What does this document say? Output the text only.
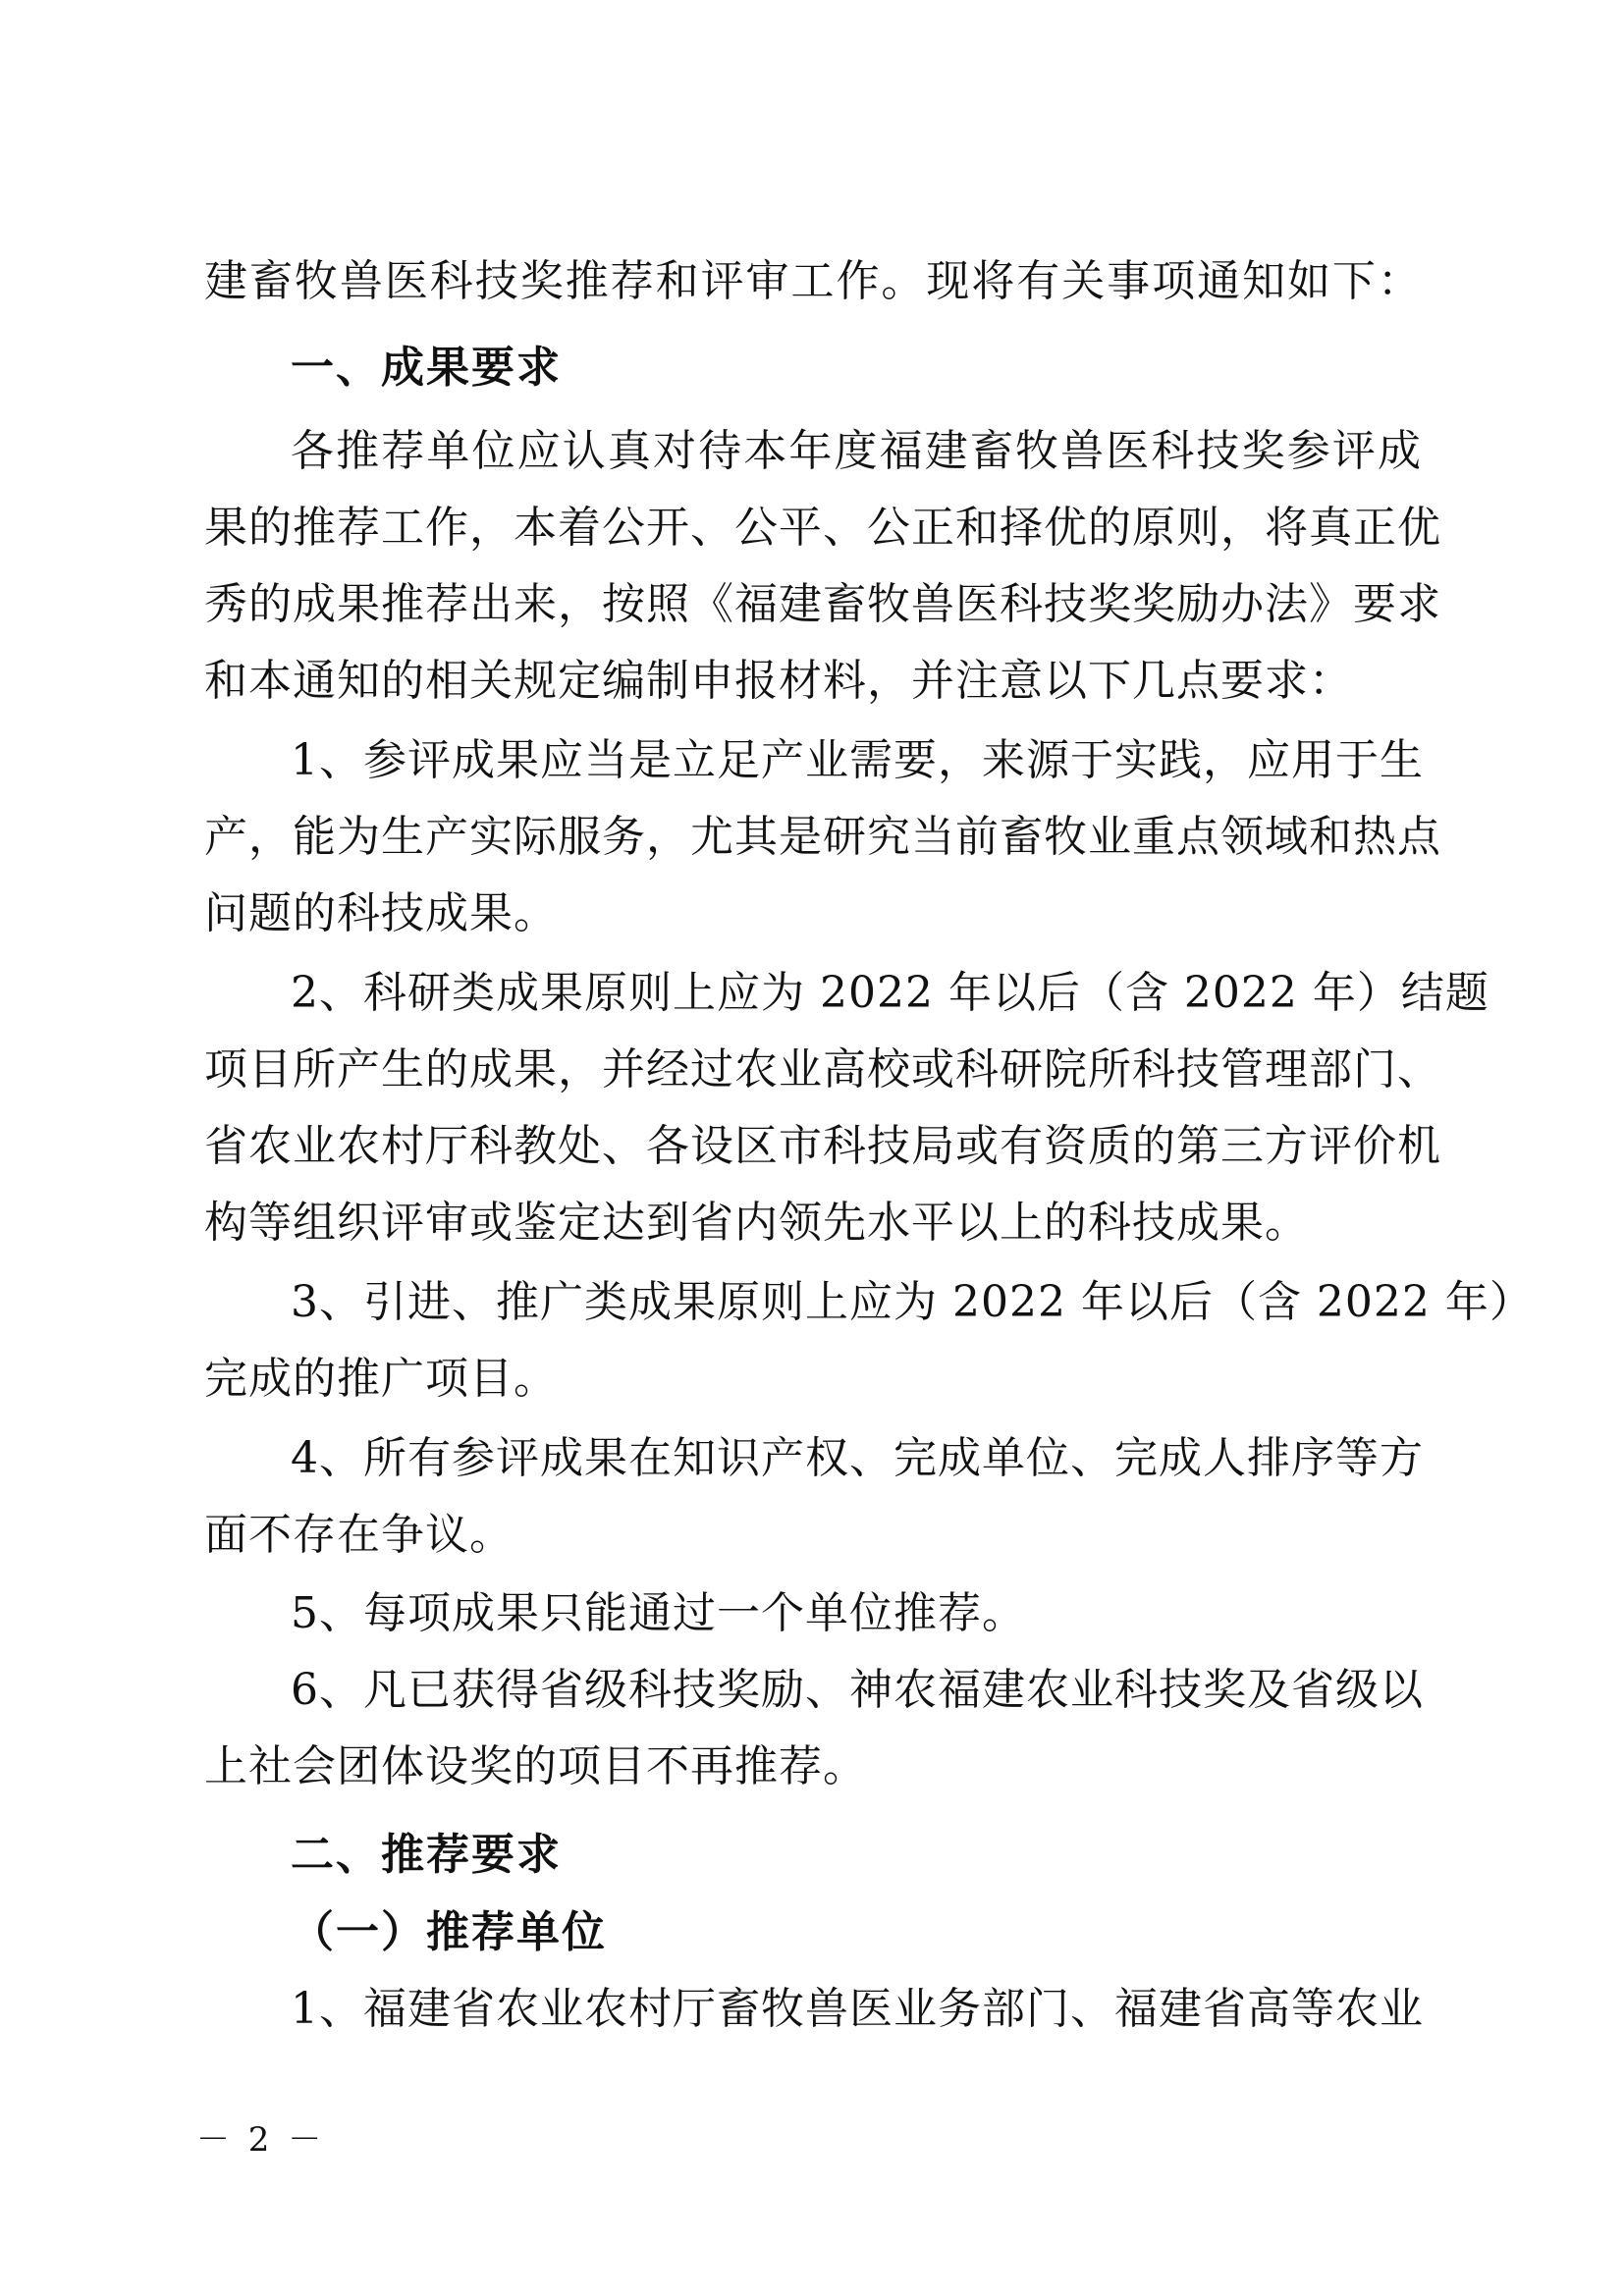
建畜牧兽医科技奖推荐和评审工作。现将有关事项通知如下：
一、成果要求
各推荐单位应认真对待本年度福建畜牧兽医科技奖参评成
果的推荐工作，本着公开、公平、公正和择优的原则，将真正优
秀的成果推荐出来，按照《福建畜牧兽医科技奖奖励办法》要求
和本通知的相关规定编制申报材料，并注意以下几点要求：
1、参评成果应当是立足产业需要，来源于实践，应用于生
产，能为生产实际服务，尤其是研究当前畜牧业重点领域和热点
问题的科技成果。
2、科研类成果原则上应为 2022 年以后（含 2022 年）结题
项目所产生的成果，并经过农业高校或科研院所科技管理部门、
省农业农村厅科教处、各设区市科技局或有资质的第三方评价机
构等组织评审或鉴定达到省内领先水平以上的科技成果。
3、引进、推广类成果原则上应为 2022 年以后（含 2022 年）
完成的推广项目。
4、所有参评成果在知识产权、完成单位、完成人排序等方
面不存在争议。
5、每项成果只能通过一个单位推荐。
6、凡已获得省级科技奖励、神农福建农业科技奖及省级以
上社会团体设奖的项目不再推荐。
二、推荐要求
（一）推荐单位
1、福建省农业农村厅畜牧兽医业务部门、福建省高等农业
－ 2 －
